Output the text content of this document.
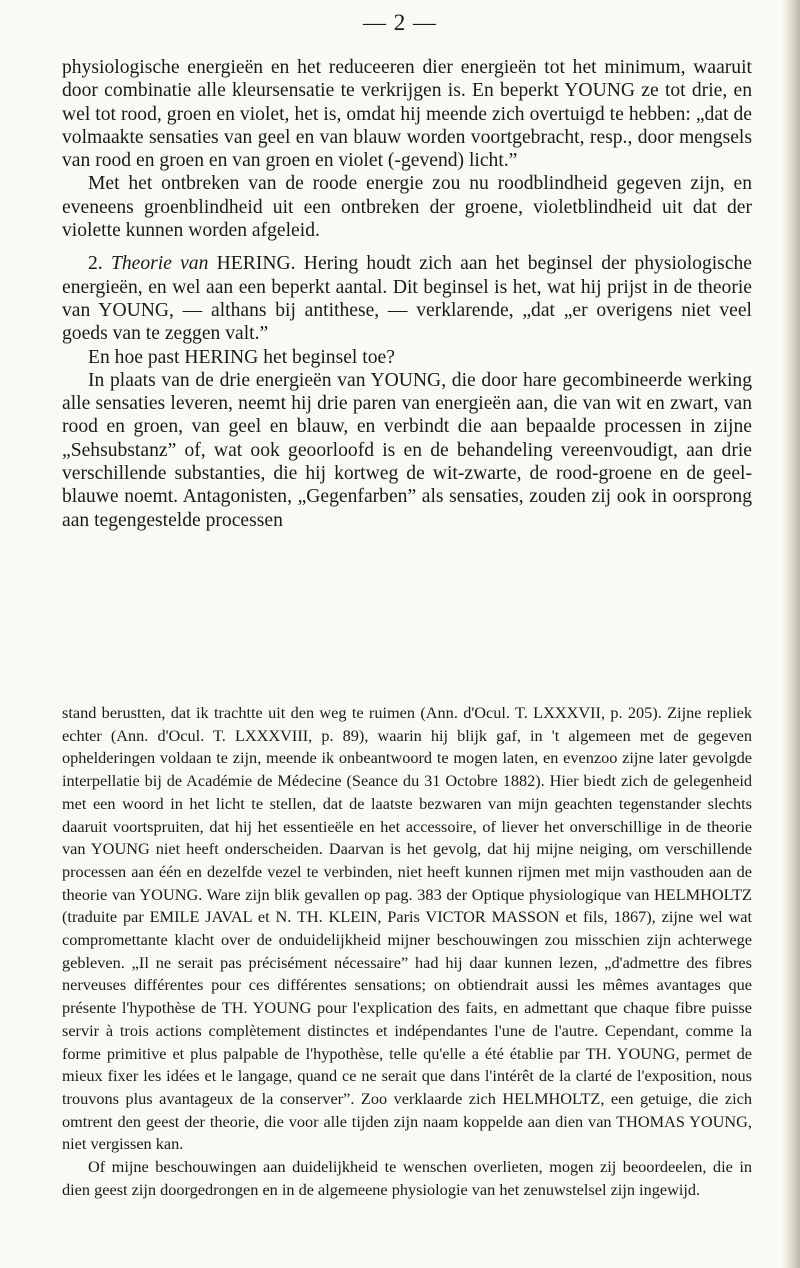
— 2 —

physiologische energieën en het reduceeren dier energieën tot het minimum, waaruit door combinatie alle kleursensatie te verkrijgen is. En beperkt YOUNG ze tot drie, en wel tot rood, groen en violet, het is, omdat hij meende zich overtuigd te hebben: „dat de volmaakte sensaties van geel en van blauw worden voortgebracht, resp., door mengsels van rood en groen en van groen en violet (-gevend) licht.”

Met het ontbreken van de roode energie zou nu roodblindheid gegeven zijn, en eveneens groenblindheid uit een ontbreken der groene, violetblindheid uit dat der violette kunnen worden afgeleid.

2. Theorie van HERING. Hering houdt zich aan het beginsel der physiologische energieën, en wel aan een beperkt aantal. Dit beginsel is het, wat hij prijst in de theorie van YOUNG, — althans bij antithese, — verklarende, „dat „er overigens niet veel goeds van te zeggen valt.”

En hoe past HERING het beginsel toe?

In plaats van de drie energieën van YOUNG, die door hare gecombineerde werking alle sensaties leveren, neemt hij drie paren van energieën aan, die van wit en zwart, van rood en groen, van geel en blauw, en verbindt die aan bepaalde processen in zijne „Sehsubstanz” of, wat ook geoorloofd is en de behandeling vereenvoudigt, aan drie verschillende substanties, die hij kortweg de wit-zwarte, de rood-groene en de geel-blauwe noemt. Antagonisten, „Gegenfarben” als sensaties, zouden zij ook in oorsprong aan tegengestelde processen

stand berustten, dat ik trachtte uit den weg te ruimen (Ann. d'Ocul. T. LXXXVII, p. 205). Zijne repliek echter (Ann. d'Ocul. T. LXXXVIII, p. 89), waarin hij blijk gaf, in 't algemeen met de gegeven ophelderingen voldaan te zijn, meende ik onbeantwoord te mogen laten, en evenzoo zijne later gevolgde interpellatie bij de Académie de Médecine (Seance du 31 Octobre 1882). Hier biedt zich de gelegenheid met een woord in het licht te stellen, dat de laatste bezwaren van mijn geachten tegenstander slechts daaruit voortspruiten, dat hij het essentieële en het accessoire, of liever het onverschillige in de theorie van YOUNG niet heeft onderscheiden. Daarvan is het gevolg, dat hij mijne neiging, om verschillende processen aan één en dezelfde vezel te verbinden, niet heeft kunnen rijmen met mijn vasthouden aan de theorie van YOUNG. Ware zijn blik gevallen op pag. 383 der Optique physiologique van HELMHOLTZ (traduite par EMILE JAVAL et N. TH. KLEIN, Paris VICTOR MASSON et fils, 1867), zijne wel wat compromettante klacht over de onduidelijkheid mijner beschouwingen zou misschien zijn achterwege gebleven. „Il ne serait pas précisément nécessaire” had hij daar kunnen lezen, „d'admettre des fibres nerveuses différentes pour ces différentes sensations; on obtiendrait aussi les mêmes avantages que présente l'hypothèse de TH. YOUNG pour l'explication des faits, en admettant que chaque fibre puisse servir à trois actions complètement distinctes et indépendantes l'une de l'autre. Cependant, comme la forme primitive et plus palpable de l'hypothèse, telle qu'elle a été établie par TH. YOUNG, permet de mieux fixer les idées et le langage, quand ce ne serait que dans l'intérêt de la clarté de l'exposition, nous trouvons plus avantageux de la conserver”. Zoo verklaarde zich HELMHOLTZ, een getuige, die zich omtrent den geest der theorie, die voor alle tijden zijn naam koppelde aan dien van THOMAS YOUNG, niet vergissen kan.

Of mijne beschouwingen aan duidelijkheid te wenschen overlieten, mogen zij beoordeelen, die in dien geest zijn doorgedrongen en in de algemeene physiologie van het zenuwstelsel zijn ingewijd.
